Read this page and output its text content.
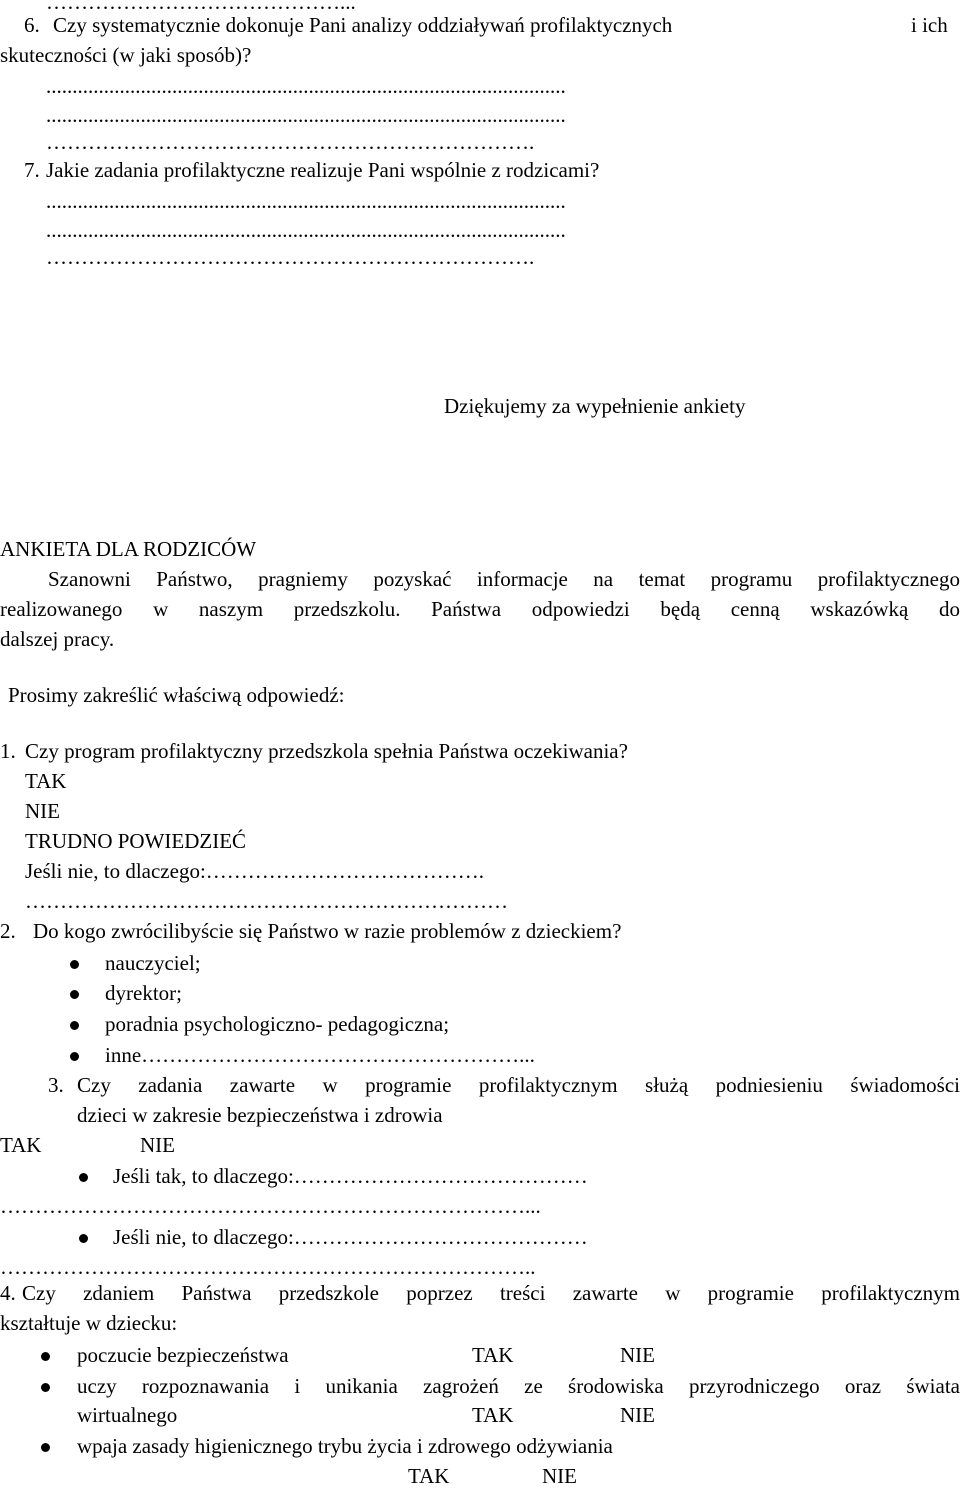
……………………………………...
6. Czy systematycznie dokonuje Pani analizy oddziaływań profilaktycznych	i ich
skuteczności (w jaki sposób)?
...................................................................................................
...................................................................................................
…………………………………………………………….
7. Jakie zadania profilaktyczne realizuje Pani wspólnie z rodzicami?
...................................................................................................
...................................................................................................
…………………………………………………………….
Dziękujemy za wypełnienie ankiety
ANKIETA DLA RODZICÓW
Szanowni Państwo, pragniemy pozyskać informacje na temat programu profilaktycznego
realizowanego w naszym przedszkolu. Państwa odpowiedzi będą cenną wskazówką do
dalszej pracy.
Prosimy zakreślić właściwą odpowiedź:
1. Czy program profilaktyczny przedszkola spełnia Państwa oczekiwania?
TAK
NIE
TRUDNO POWIEDZIEĆ
Jeśli nie, to dlaczego:………………………………….
……………………………………………………………
2. Do kogo zwrócilibyście się Państwo w razie problemów z dzieckiem?
nauczyciel;
dyrektor;
poradnia psychologiczno- pedagogiczna;
inne………………………………………………...
3. Czy zadania zawarte w programie profilaktycznym służą podniesieniu świadomości
dzieci w zakresie bezpieczeństwa i zdrowia
TAK	NIE
Jeśli tak, to dlaczego:……………………………………
…………………………………………………………………...
Jeśli nie, to dlaczego:……………………………………
…………………………………………………………………..
4. Czy zdaniem Państwa przedszkole poprzez treści zawarte w programie profilaktycznym
kształtuje w dziecku:
poczucie bezpieczeństwa	TAK	NIE
uczy rozpoznawania i unikania zagrożeń ze środowiska przyrodniczego oraz świata
wirtualnego	TAK	NIE
wpaja zasady higienicznego trybu życia i zdrowego odżywiania
TAK	NIE
